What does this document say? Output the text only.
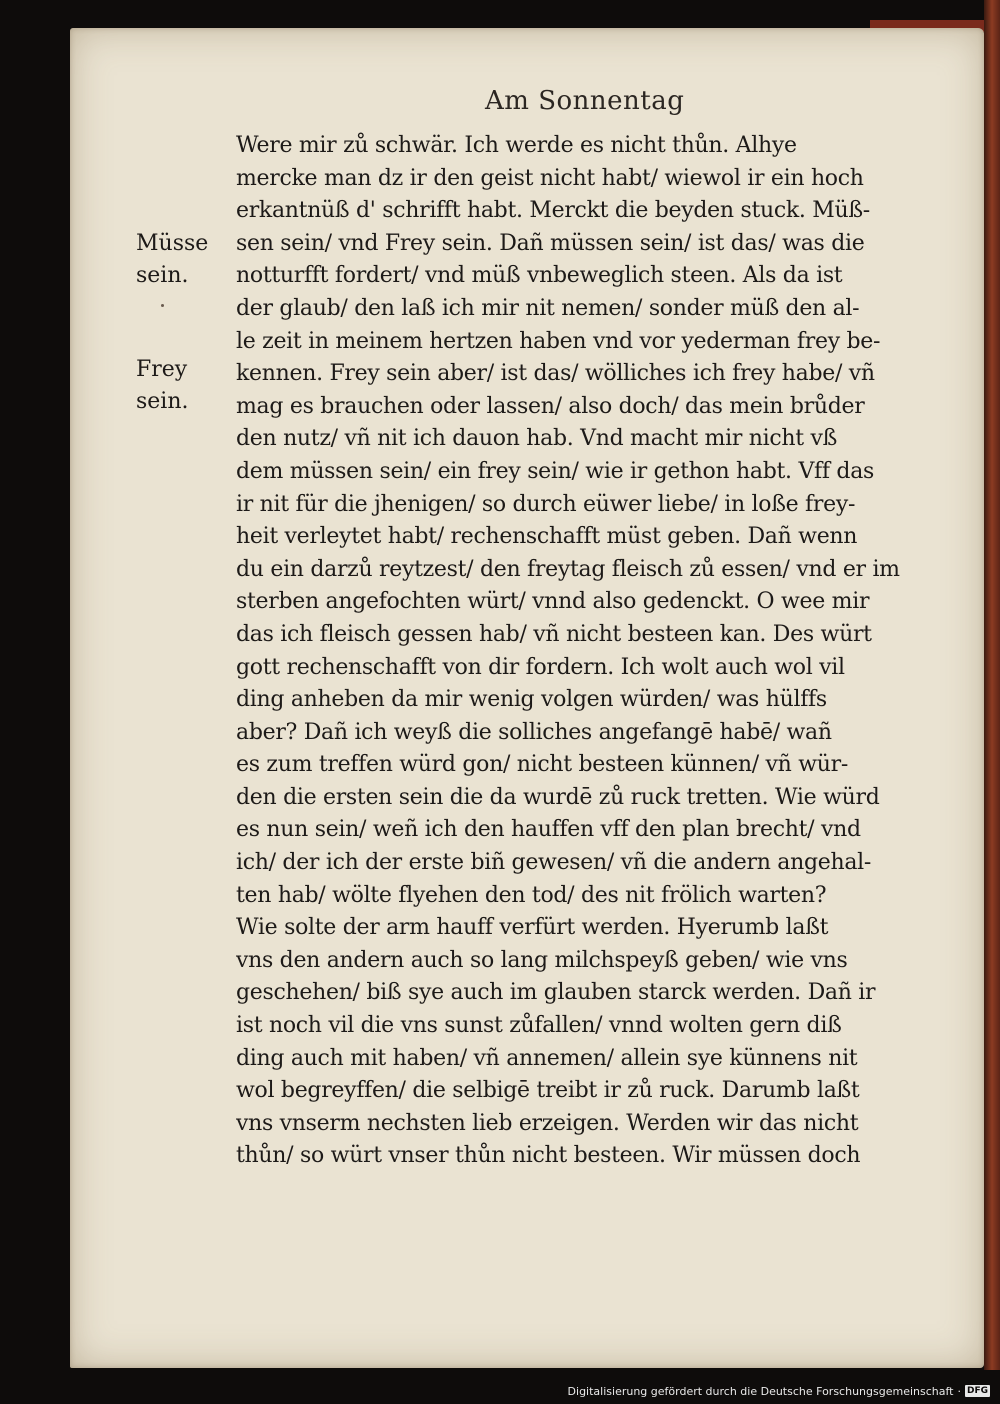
Am Sonnentag
Müsse
sein.
Frey
sein.
Were mir zů schwär. Ich werde es nicht thůn. Alhye
mercke man dz ir den geist nicht habt/ wiewol ir ein hoch
erkantnüß d' schrifft habt. Merckt die beyden stuck. Müß-
sen sein/ vnd Frey sein. Dañ müssen sein/ ist das/ was die
notturfft fordert/ vnd müß vnbeweglich steen. Als da ist
der glaub/ den laß ich mir nit nemen/ sonder müß den al-
le zeit in meinem hertzen haben vnd vor yederman frey be-
kennen. Frey sein aber/ ist das/ wölliches ich frey habe/ vñ
mag es brauchen oder lassen/ also doch/ das mein brůder
den nutz/ vñ nit ich dauon hab. Vnd macht mir nicht vß
dem müssen sein/ ein frey sein/ wie ir gethon habt. Vff das
ir nit für die jhenigen/ so durch eüwer liebe/ in loße frey-
heit verleytet habt/ rechenschafft müst geben. Dañ wenn
du ein darzů reytzest/ den freytag fleisch zů essen/ vnd er im
sterben angefochten würt/ vnnd also gedenckt. O wee mir
das ich fleisch gessen hab/ vñ nicht besteen kan. Des würt
gott rechenschafft von dir fordern. Ich wolt auch wol vil
ding anheben da mir wenig volgen würden/ was hülffs
aber? Dañ ich weyß die solliches angefangē habē/ wañ
es zum treffen würd gon/ nicht besteen künnen/ vñ wür-
den die ersten sein die da wurdē zů ruck tretten. Wie würd
es nun sein/ weñ ich den hauffen vff den plan brecht/ vnd
ich/ der ich der erste biñ gewesen/ vñ die andern angehal-
ten hab/ wölte flyehen den tod/ des nit frölich warten?
Wie solte der arm hauff verfürt werden. Hyerumb laßt
vns den andern auch so lang milchspeyß geben/ wie vns
geschehen/ biß sye auch im glauben starck werden. Dañ ir
ist noch vil die vns sunst zůfallen/ vnnd wolten gern diß
ding auch mit haben/ vñ annemen/ allein sye künnens nit
wol begreyffen/ die selbigē treibt ir zů ruck. Darumb laßt
vns vnserm nechsten lieb erzeigen. Werden wir das nicht
thůn/ so würt vnser thůn nicht besteen. Wir müssen doch
Digitalisierung gefördert durch die Deutsche Forschungsgemeinschaft · DFG
